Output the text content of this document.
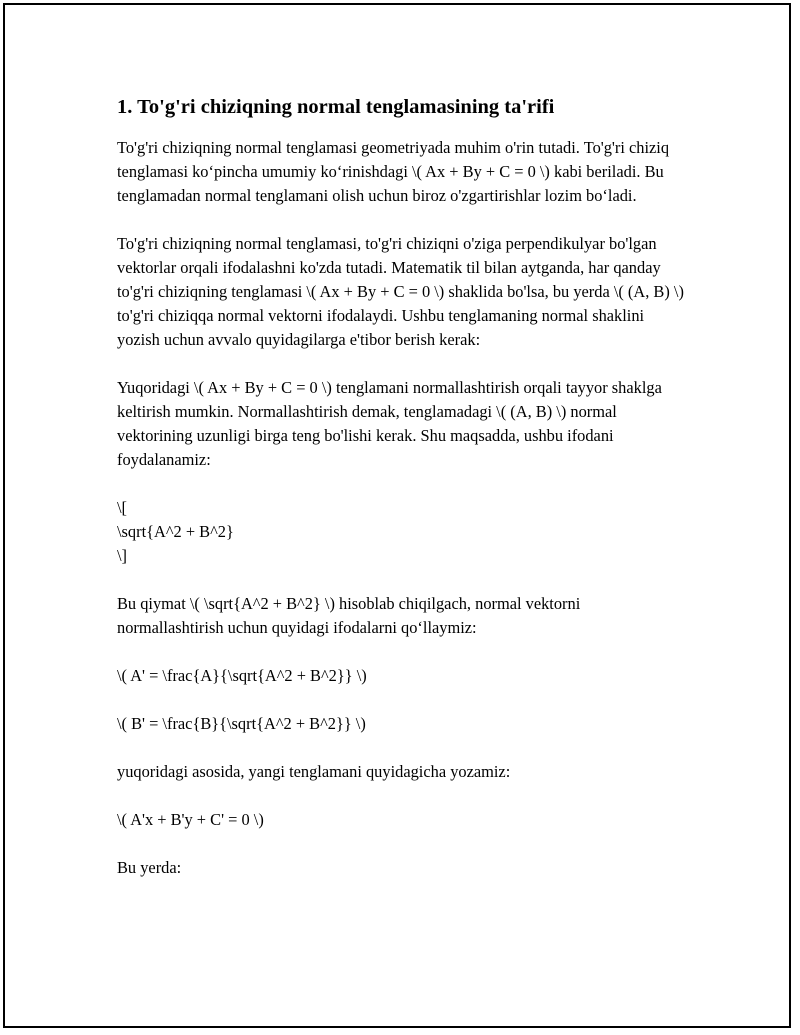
1. To'g'ri chiziqning normal tenglamasining ta'rifi

To'g'ri chiziqning normal tenglamasi geometriyada muhim o'rin tutadi. To'g'ri chiziq tenglamasi ko‘pincha umumiy ko‘rinishdagi \( Ax + By + C = 0 \) kabi beriladi. Bu tenglamadan normal tenglamani olish uchun biroz o'zgartirishlar lozim bo‘ladi.

To'g'ri chiziqning normal tenglamasi, to'g'ri chiziqni o'ziga perpendikulyar bo'lgan vektorlar orqali ifodalashni ko'zda tutadi. Matematik til bilan aytganda, har qanday to'g'ri chiziqning tenglamasi \( Ax + By + C = 0 \) shaklida bo'lsa, bu yerda \( (A, B) \) to'g'ri chiziqqa normal vektorni ifodalaydi. Ushbu tenglamaning normal shaklini yozish uchun avvalo quyidagilarga e'tibor berish kerak:

Yuqoridagi \( Ax + By + C = 0 \) tenglamani normallashtirish orqali tayyor shaklga keltirish mumkin. Normallashtirish demak, tenglamadagi \( (A, B) \) normal vektorining uzunligi birga teng bo'lishi kerak. Shu maqsadda, ushbu ifodani foydalanamiz:

\[
\sqrt{A^2 + B^2}
\]

Bu qiymat \( \sqrt{A^2 + B^2} \) hisoblab chiqilgach, normal vektorni normallashtirish uchun quyidagi ifodalarni qo‘llaymiz:

\( A' = \frac{A}{\sqrt{A^2 + B^2}} \)

\( B' = \frac{B}{\sqrt{A^2 + B^2}} \)

yuqoridagi asosida, yangi tenglamani quyidagicha yozamiz:

\( A'x + B'y + C' = 0 \)

Bu yerda:
